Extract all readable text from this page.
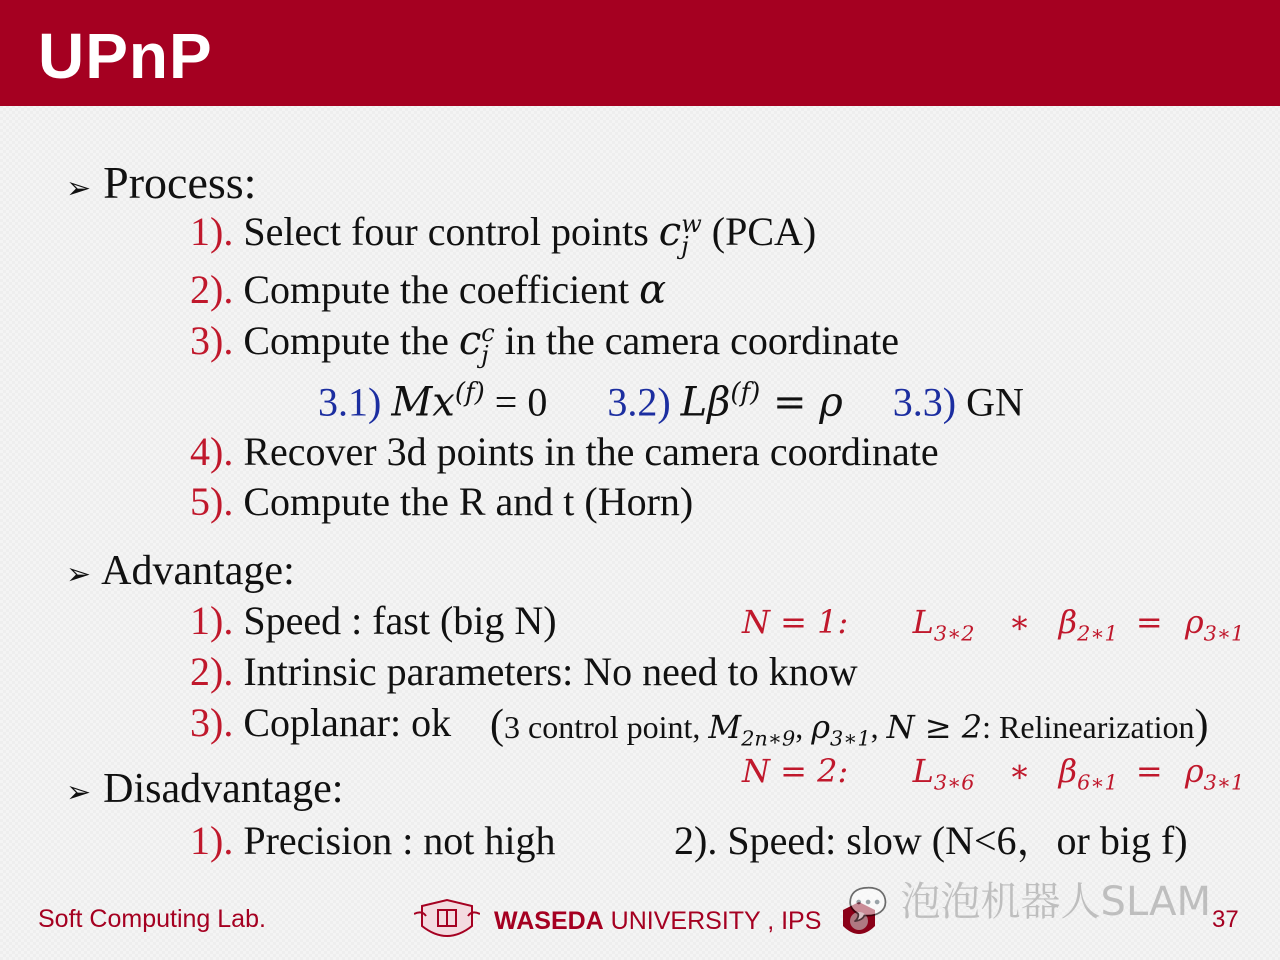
UPnP
➢ Process:
1). Select four control points c w
j (PCA)
2). Compute the coefficient α
3). Compute the c c
j in the camera coordinate
3.1) $Mx^{(f)} = 0$ 3.2) $L\beta^{(f)} = \rho$ 3.3) GN
4). Recover 3d points in the camera coordinate
5). Compute the R and t (Horn)
➢ Advantage:
1). Speed : fast (big N)	N = 1: $L_{3∗2}$ ∗ $\beta_{2∗1} = \rho_{3∗1}$
2). Intrinsic parameters: No need to know
3). Coplanar: ok (3 control point, $M_{2n∗9}$, $\rho_{3∗1}$, N ≥ 2: Relinearization)
N = 2: $L_{3∗6}$ ∗ $\beta_{6∗1} = \rho_{3∗1}$
➢ Disadvantage:
1). Precision : not high	2). Speed: slow (N<6，or big f)
Soft Computing Lab.	WASEDA UNIVERSITY , IPS 💬 泡泡机器人SLAM 37
